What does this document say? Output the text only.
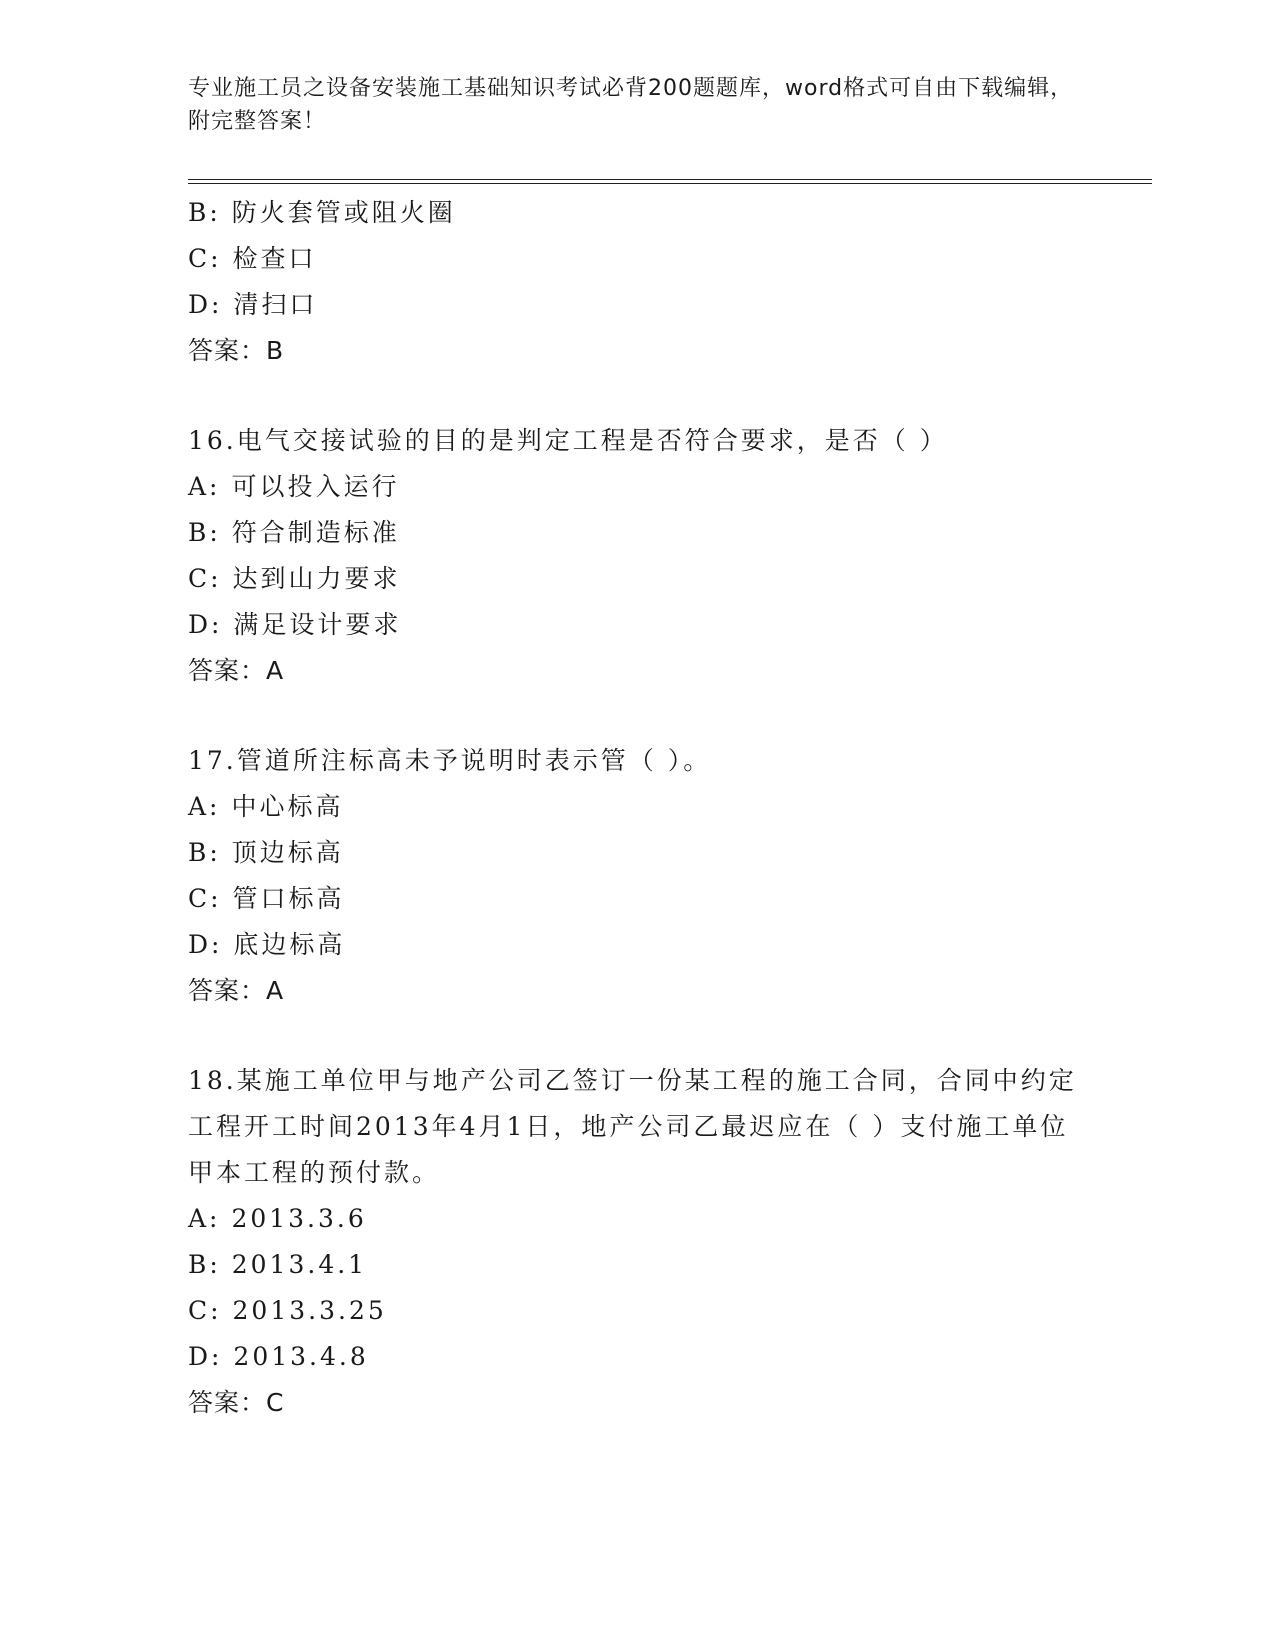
专业施工员之设备安装施工基础知识考试必背200题题库，word格式可自由下载编辑，附完整答案！
B: 防火套管或阻火圈
C: 检查口
D: 清扫口
答案：B
16.电气交接试验的目的是判定工程是否符合要求，是否（ ）
A: 可以投入运行
B: 符合制造标准
C: 达到山力要求
D: 满足设计要求
答案：A
17.管道所注标高未予说明时表示管（ ）。
A: 中心标高
B: 顶边标高
C: 管口标高
D: 底边标高
答案：A
18.某施工单位甲与地产公司乙签订一份某工程的施工合同，合同中约定工程开工时间2013年4月1日，地产公司乙最迟应在（ ）支付施工单位甲本工程的预付款。
A: 2013.3.6
B: 2013.4.1
C: 2013.3.25
D: 2013.4.8
答案：C
